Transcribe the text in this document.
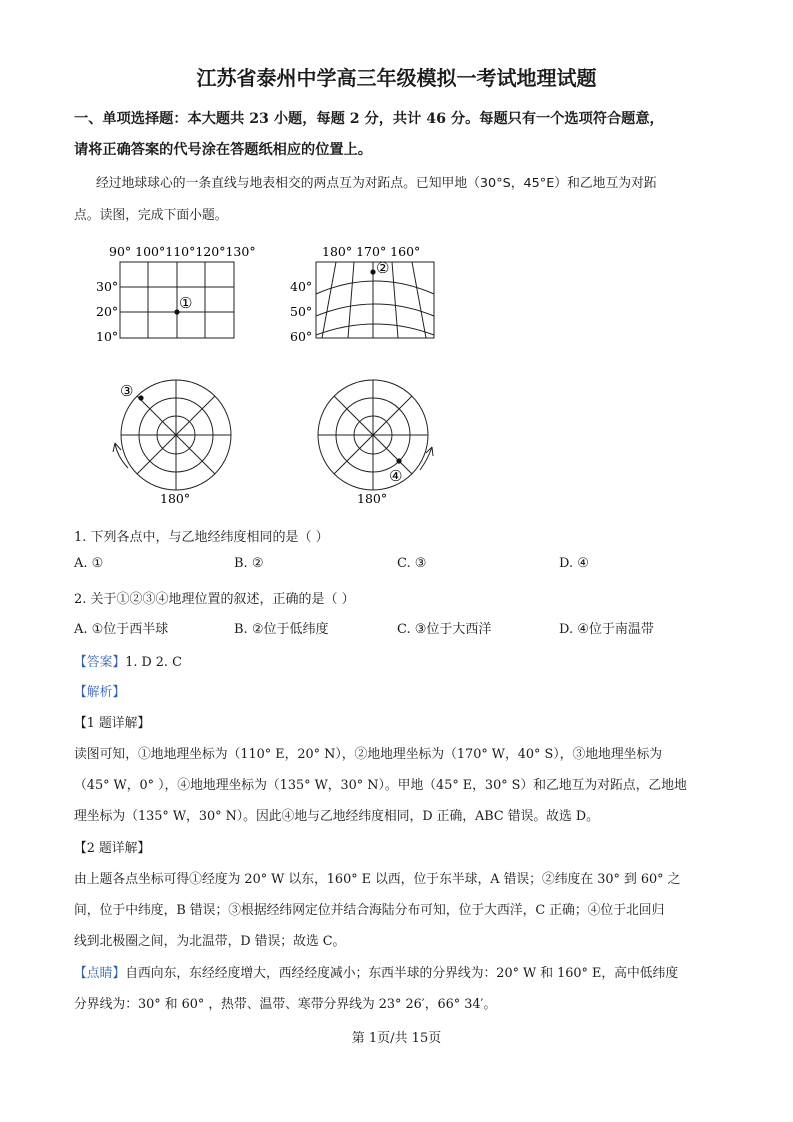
江苏省泰州中学高三年级模拟一考试地理试题
一、单项选择题：本大题共 23 小题，每题 2 分，共计 46 分。每题只有一个选项符合题意，
请将正确答案的代号涂在答题纸相应的位置上。
经过地球球心的一条直线与地表相交的两点互为对跖点。已知甲地（30°S，45°E）和乙地互为对跖
点。读图，完成下面小题。
90° 100°110°120°130°
30°
20°
10°
①
180° 170° 160°
40°
50°
60°
②
③
180°
④
180°
1. 下列各点中，与乙地经纬度相同的是（ ）
A. ①	B. ②	C. ③	D. ④
2. 关于①②③④地理位置的叙述，正确的是（ ）
A. ①位于西半球	B. ②位于低纬度	C. ③位于大西洋	D. ④位于南温带
【答案】1. D 2. C
【解析】
【1 题详解】
读图可知，①地地理坐标为（110° E，20° N），②地地理坐标为（170° W，40° S），③地地理坐标为
（45° W，0° ），④地地理坐标为（135° W，30° N）。甲地（45° E，30° S）和乙地互为对跖点，乙地地
理坐标为（135° W，30° N）。因此④地与乙地经纬度相同，D 正确，ABC 错误。故选 D。
【2 题详解】
由上题各点坐标可得①经度为 20° W 以东，160° E 以西，位于东半球，A 错误；②纬度在 30° 到 60° 之
间，位于中纬度，B 错误；③根据经纬网定位并结合海陆分布可知，位于大西洋，C 正确；④位于北回归
线到北极圈之间，为北温带，D 错误；故选 C。
【点睛】自西向东，东经经度增大，西经经度减小；东西半球的分界线为：20° W 和 160° E，高中低纬度
分界线为：30° 和 60° ，热带、温带、寒带分界线为 23° 26′，66° 34′。
第 1页/共 15页
